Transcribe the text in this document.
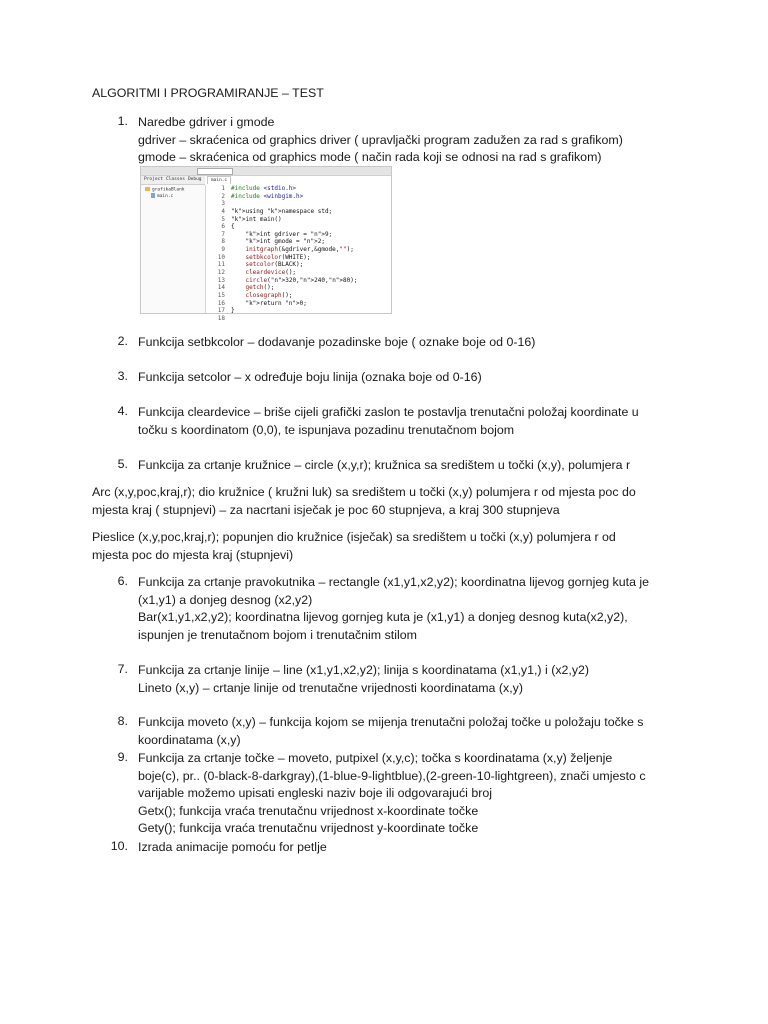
ALGORITMI I PROGRAMIRANJE – TEST
1. Naredbe gdriver i gmode
gdriver – skraćenica od graphics driver ( upravljački program zadužen za rad s grafikom)
gmode – skraćenica od graphics mode ( način rada koji se odnosi na rad s grafikom)
Project Classes Debug
grafikaBlank
main.c
main.c
1
2
3
4
5
6
7
8
9
10
11
12
13
14
15
16
17
18
#include <stdio.h>
#include <winbgim.h>

"k">using "k">namespace std;
"k">int main()
{
"k">int gdriver = "n">9;
"k">int gmode = "n">2;
initgraph(&gdriver,&gmode,"");
setbkcolor(WHITE);
setcolor(BLACK);
cleardevice();
circle("n">320,"n">240,"n">80);
getch();
closegraph();
"k">return "n">0;
}

2. Funkcija setbkcolor – dodavanje pozadinske boje ( oznake boje od 0-16)
3. Funkcija setcolor – x određuje boju linija (oznaka boje od 0-16)
4. Funkcija cleardevice – briše cijeli grafički zaslon te postavlja trenutačni položaj koordinate u
točku s koordinatom (0,0), te ispunjava pozadinu trenutačnom bojom
5. Funkcija za crtanje kružnice – circle (x,y,r); kružnica sa središtem u točki (x,y), polumjera r
Arc (x,y,poc,kraj,r); dio kružnice ( kružni luk) sa središtem u točki (x,y) polumjera r od mjesta poc do
mjesta kraj ( stupnjevi) – za nacrtani isječak je poc 60 stupnjeva, a kraj 300 stupnjeva
Pieslice (x,y,poc,kraj,r); popunjen dio kružnice (isječak) sa središtem u točki (x,y) polumjera r od
mjesta poc do mjesta kraj (stupnjevi)
6. Funkcija za crtanje pravokutnika – rectangle (x1,y1,x2,y2); koordinatna lijevog gornjeg kuta je
(x1,y1) a donjeg desnog (x2,y2)
Bar(x1,y1,x2,y2); koordinatna lijevog gornjeg kuta je (x1,y1) a donjeg desnog kuta(x2,y2),
ispunjen je trenutačnom bojom i trenutačnim stilom
7. Funkcija za crtanje linije – line (x1,y1,x2,y2); linija s koordinatama (x1,y1,) i (x2,y2)
Lineto (x,y) – crtanje linije od trenutačne vrijednosti koordinatama (x,y)
8. Funkcija moveto (x,y) – funkcija kojom se mijenja trenutačni položaj točke u položaju točke s
koordinatama (x,y)
9. Funkcija za crtanje točke – moveto, putpixel (x,y,c); točka s koordinatama (x,y) željenje
boje(c), pr.. (0-black-8-darkgray),(1-blue-9-lightblue),(2-green-10-lightgreen), znači umjesto c
varijable možemo upisati engleski naziv boje ili odgovarajući broj
Getx(); funkcija vraća trenutačnu vrijednost x-koordinate točke
Gety(); funkcija vraća trenutačnu vrijednost y-koordinate točke
10. Izrada animacije pomoću for petlje
